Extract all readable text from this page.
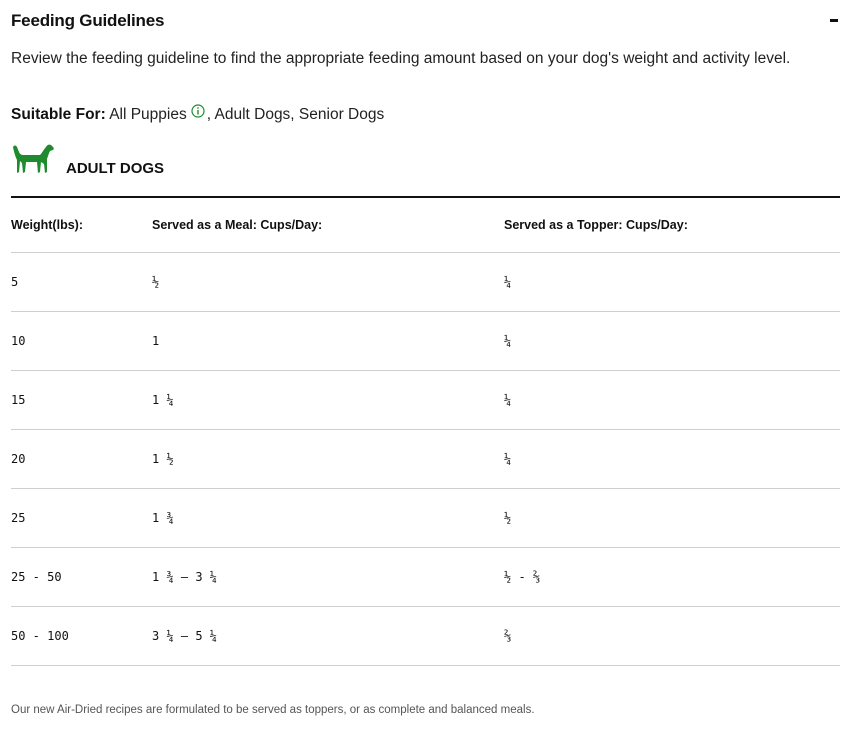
Feeding Guidelines
Review the feeding guideline to find the appropriate feeding amount based on your dog's weight and activity level.
Suitable For: All Puppies , Adult Dogs, Senior Dogs
ADULT DOGS
Weight(lbs):	Served as a Meal: Cups/Day:	Served as a Topper: Cups/Day:
5	½	¼
10	1	¼
15	1 ¼	¼
20	1 ½	¼
25	1 ¾	½
25 - 50	1 ¾ – 3 ¼	½ - ⅔
50 - 100	3 ¼ – 5 ¼	⅔
Our new Air-Dried recipes are formulated to be served as toppers, or as complete and balanced meals.
